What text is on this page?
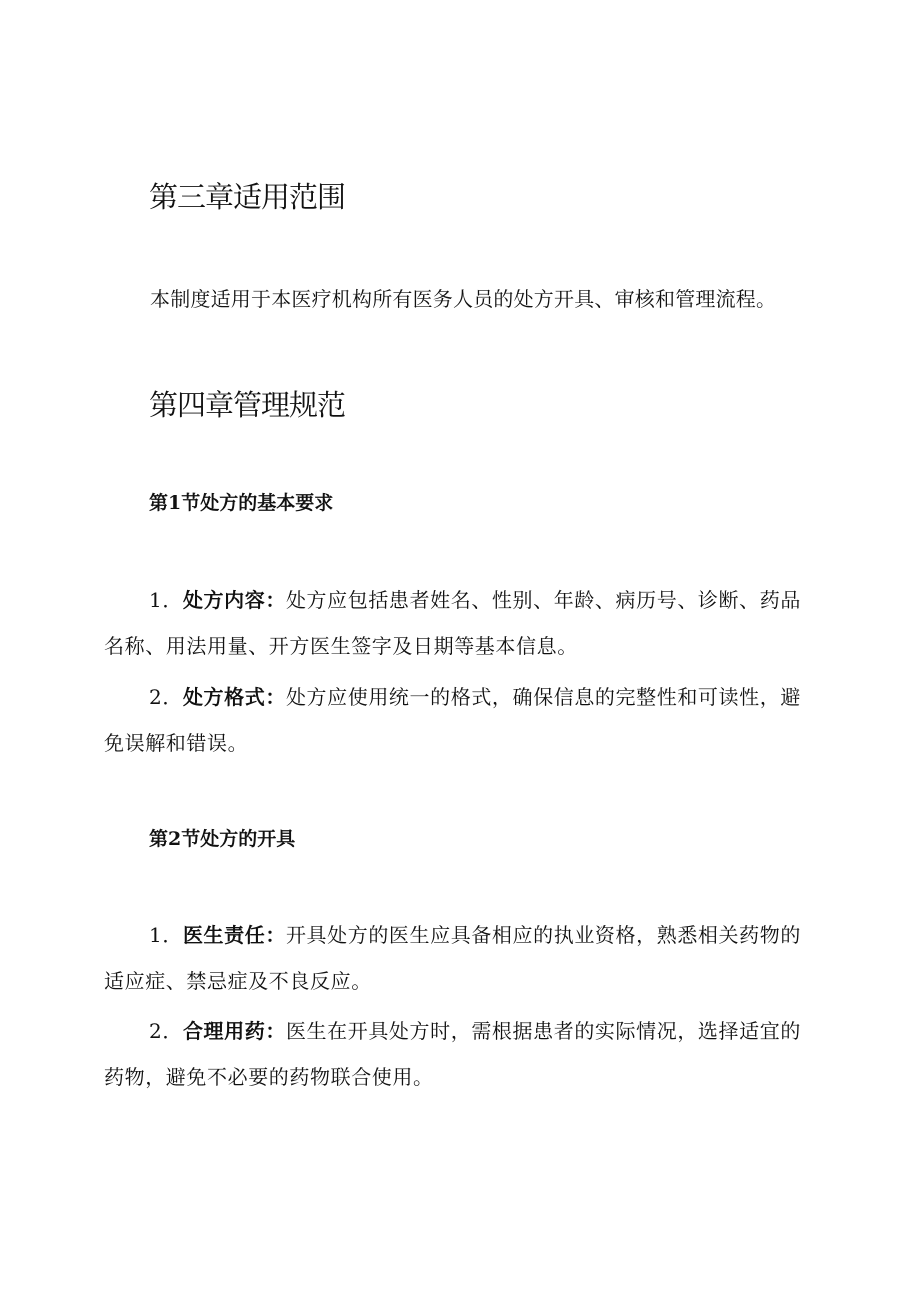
第三章适用范围

本制度适用于本医疗机构所有医务人员的处方开具、审核和管理流程。

第四章管理规范
第1节处方的基本要求

1．处方内容：处方应包括患者姓名、性别、年龄、病历号、诊断、药品名称、用法用量、开方医生签字及日期等基本信息。

2．处方格式：处方应使用统一的格式，确保信息的完整性和可读性，避免误解和错误。

第2节处方的开具

1．医生责任：开具处方的医生应具备相应的执业资格，熟悉相关药物的适应症、禁忌症及不良反应。

2．合理用药：医生在开具处方时，需根据患者的实际情况，选择适宜的药物，避免不必要的药物联合使用。
